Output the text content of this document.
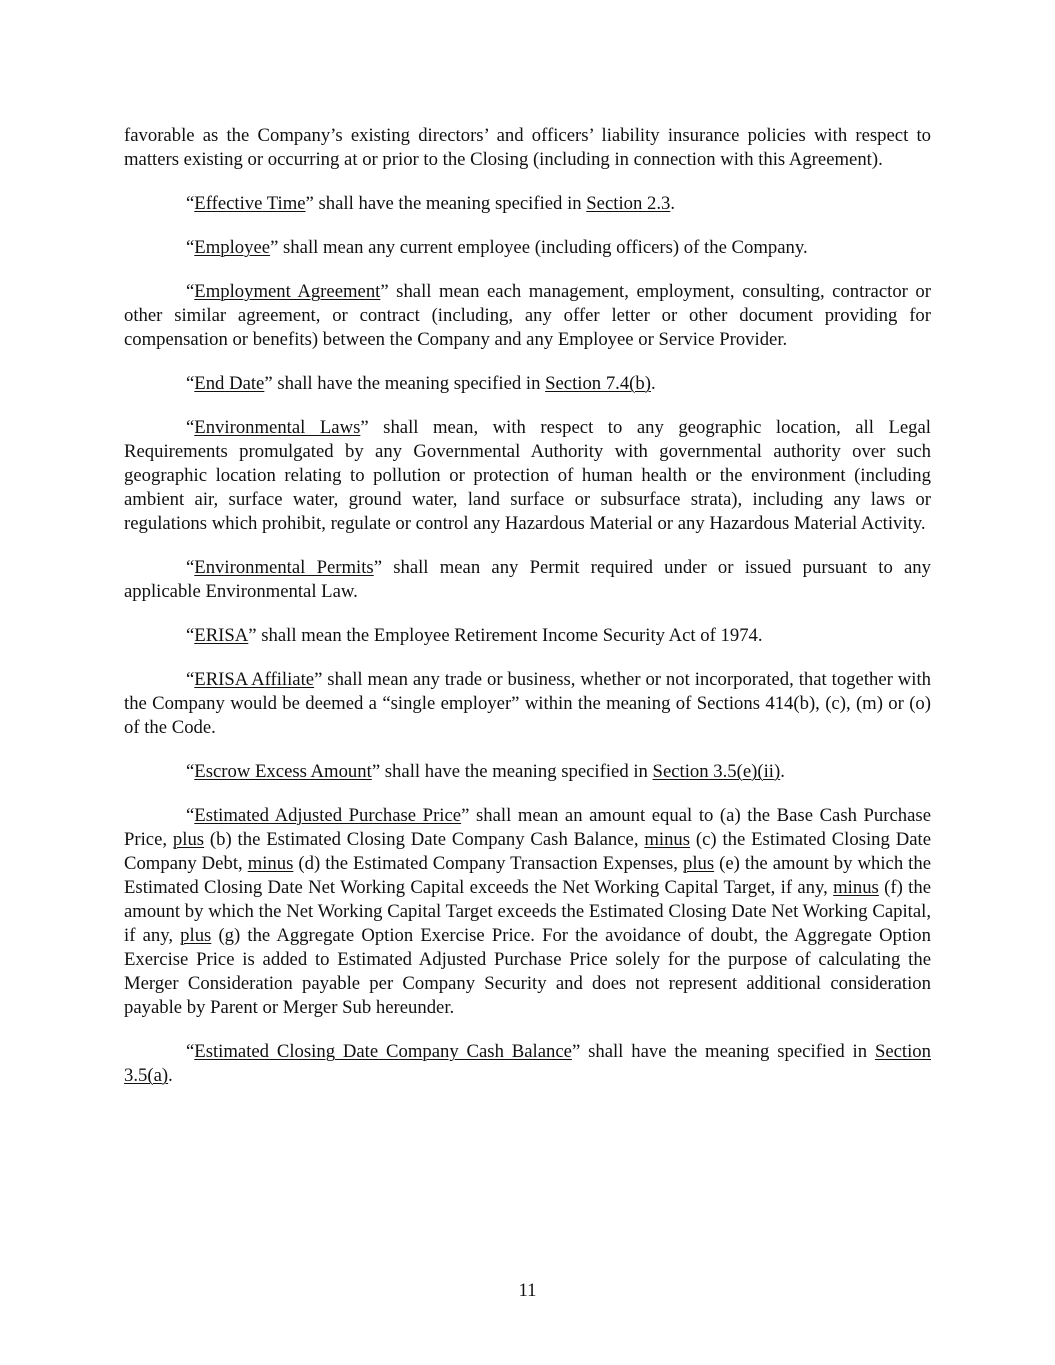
favorable as the Company’s existing directors’ and officers’ liability insurance policies with respect to matters existing or occurring at or prior to the Closing (including in connection with this Agreement).

“Effective Time” shall have the meaning specified in Section 2.3.

“Employee” shall mean any current employee (including officers) of the Company.

“Employment Agreement” shall mean each management, employment, consulting, contractor or other similar agreement, or contract (including, any offer letter or other document providing for compensation or benefits) between the Company and any Employee or Service Provider.

“End Date” shall have the meaning specified in Section 7.4(b).

“Environmental Laws” shall mean, with respect to any geographic location, all Legal Requirements promulgated by any Governmental Authority with governmental authority over such geographic location relating to pollution or protection of human health or the environment (including ambient air, surface water, ground water, land surface or subsurface strata), including any laws or regulations which prohibit, regulate or control any Hazardous Material or any Hazardous Material Activity.

“Environmental Permits” shall mean any Permit required under or issued pursuant to any applicable Environmental Law.

“ERISA” shall mean the Employee Retirement Income Security Act of 1974.

“ERISA Affiliate” shall mean any trade or business, whether or not incorporated, that together with the Company would be deemed a “single employer” within the meaning of Sections 414(b), (c), (m) or (o) of the Code.

“Escrow Excess Amount” shall have the meaning specified in Section 3.5(e)(ii).

“Estimated Adjusted Purchase Price” shall mean an amount equal to (a) the Base Cash Purchase Price, plus (b) the Estimated Closing Date Company Cash Balance, minus (c) the Estimated Closing Date Company Debt, minus (d) the Estimated Company Transaction Expenses, plus (e) the amount by which the Estimated Closing Date Net Working Capital exceeds the Net Working Capital Target, if any, minus (f) the amount by which the Net Working Capital Target exceeds the Estimated Closing Date Net Working Capital, if any, plus (g) the Aggregate Option Exercise Price. For the avoidance of doubt, the Aggregate Option Exercise Price is added to Estimated Adjusted Purchase Price solely for the purpose of calculating the Merger Consideration payable per Company Security and does not represent additional consideration payable by Parent or Merger Sub hereunder.

“Estimated Closing Date Company Cash Balance” shall have the meaning specified in Section 3.5(a).

11
